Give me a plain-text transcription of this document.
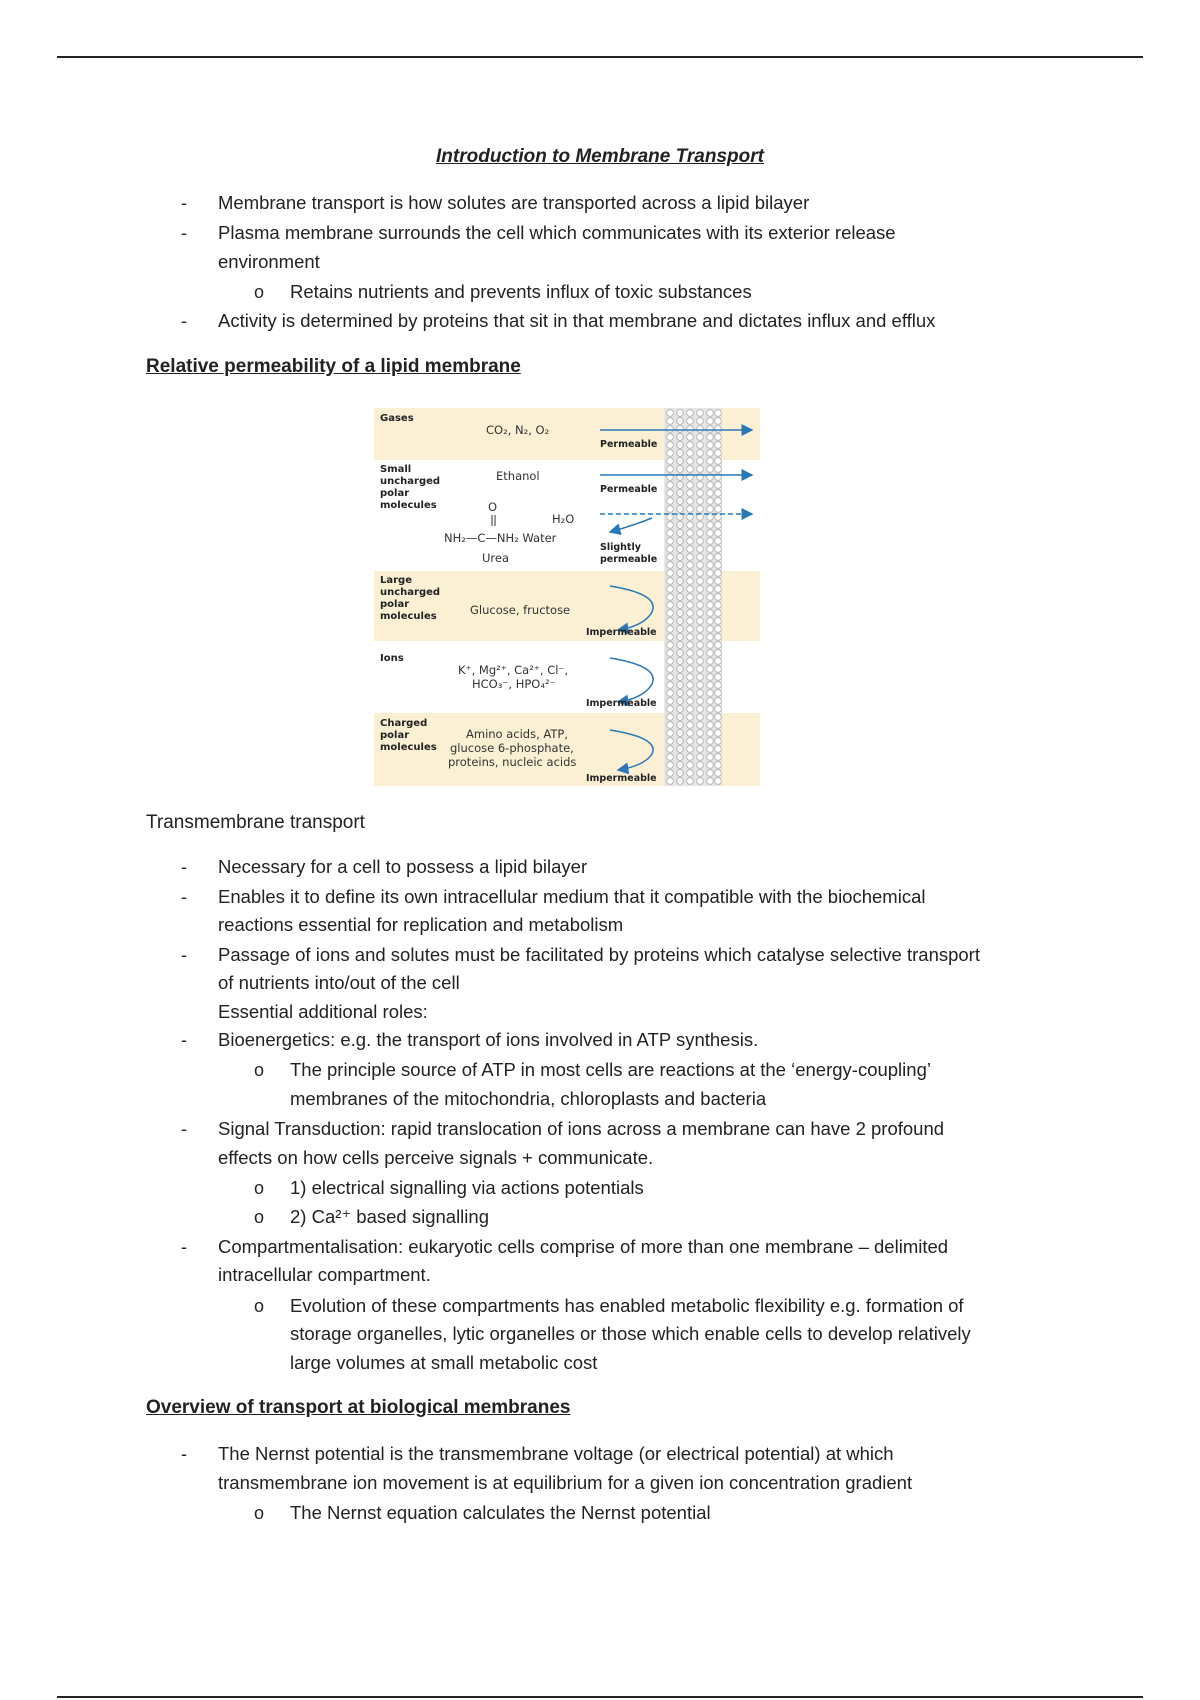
Introduction to Membrane Transport
- Membrane transport is how solutes are transported across a lipid bilayer
- Plasma membrane surrounds the cell which communicates with its exterior release
environment
o Retains nutrients and prevents influx of toxic substances
- Activity is determined by proteins that sit in that membrane and dictates influx and efflux
Relative permeability of a lipid membrane
Gases
Small
uncharged
polar
molecules
Large
uncharged
polar
molecules
Ions
Charged
polar
molecules
CO₂, N₂, O₂
Ethanol
O
NH₂—C—NH₂ Water
H₂O
Urea
Glucose, fructose
K⁺, Mg²⁺, Ca²⁺, Cl⁻,
HCO₃⁻, HPO₄²⁻
Amino acids, ATP,
glucose 6-phosphate,
proteins, nucleic acids
Permeable
Permeable
Slightly
permeable
Impermeable
Impermeable
Impermeable
Transmembrane transport
- Necessary for a cell to possess a lipid bilayer
- Enables it to define its own intracellular medium that it compatible with the biochemical
reactions essential for replication and metabolism
- Passage of ions and solutes must be facilitated by proteins which catalyse selective transport
of nutrients into/out of the cell
Essential additional roles:
- Bioenergetics: e.g. the transport of ions involved in ATP synthesis.
o The principle source of ATP in most cells are reactions at the ‘energy-coupling’
membranes of the mitochondria, chloroplasts and bacteria
- Signal Transduction: rapid translocation of ions across a membrane can have 2 profound
effects on how cells perceive signals + communicate.
o 1) electrical signalling via actions potentials
o 2) Ca²⁺ based signalling
- Compartmentalisation: eukaryotic cells comprise of more than one membrane – delimited
intracellular compartment.
o Evolution of these compartments has enabled metabolic flexibility e.g. formation of
storage organelles, lytic organelles or those which enable cells to develop relatively
large volumes at small metabolic cost
Overview of transport at biological membranes
- The Nernst potential is the transmembrane voltage (or electrical potential) at which
transmembrane ion movement is at equilibrium for a given ion concentration gradient
o The Nernst equation calculates the Nernst potential
